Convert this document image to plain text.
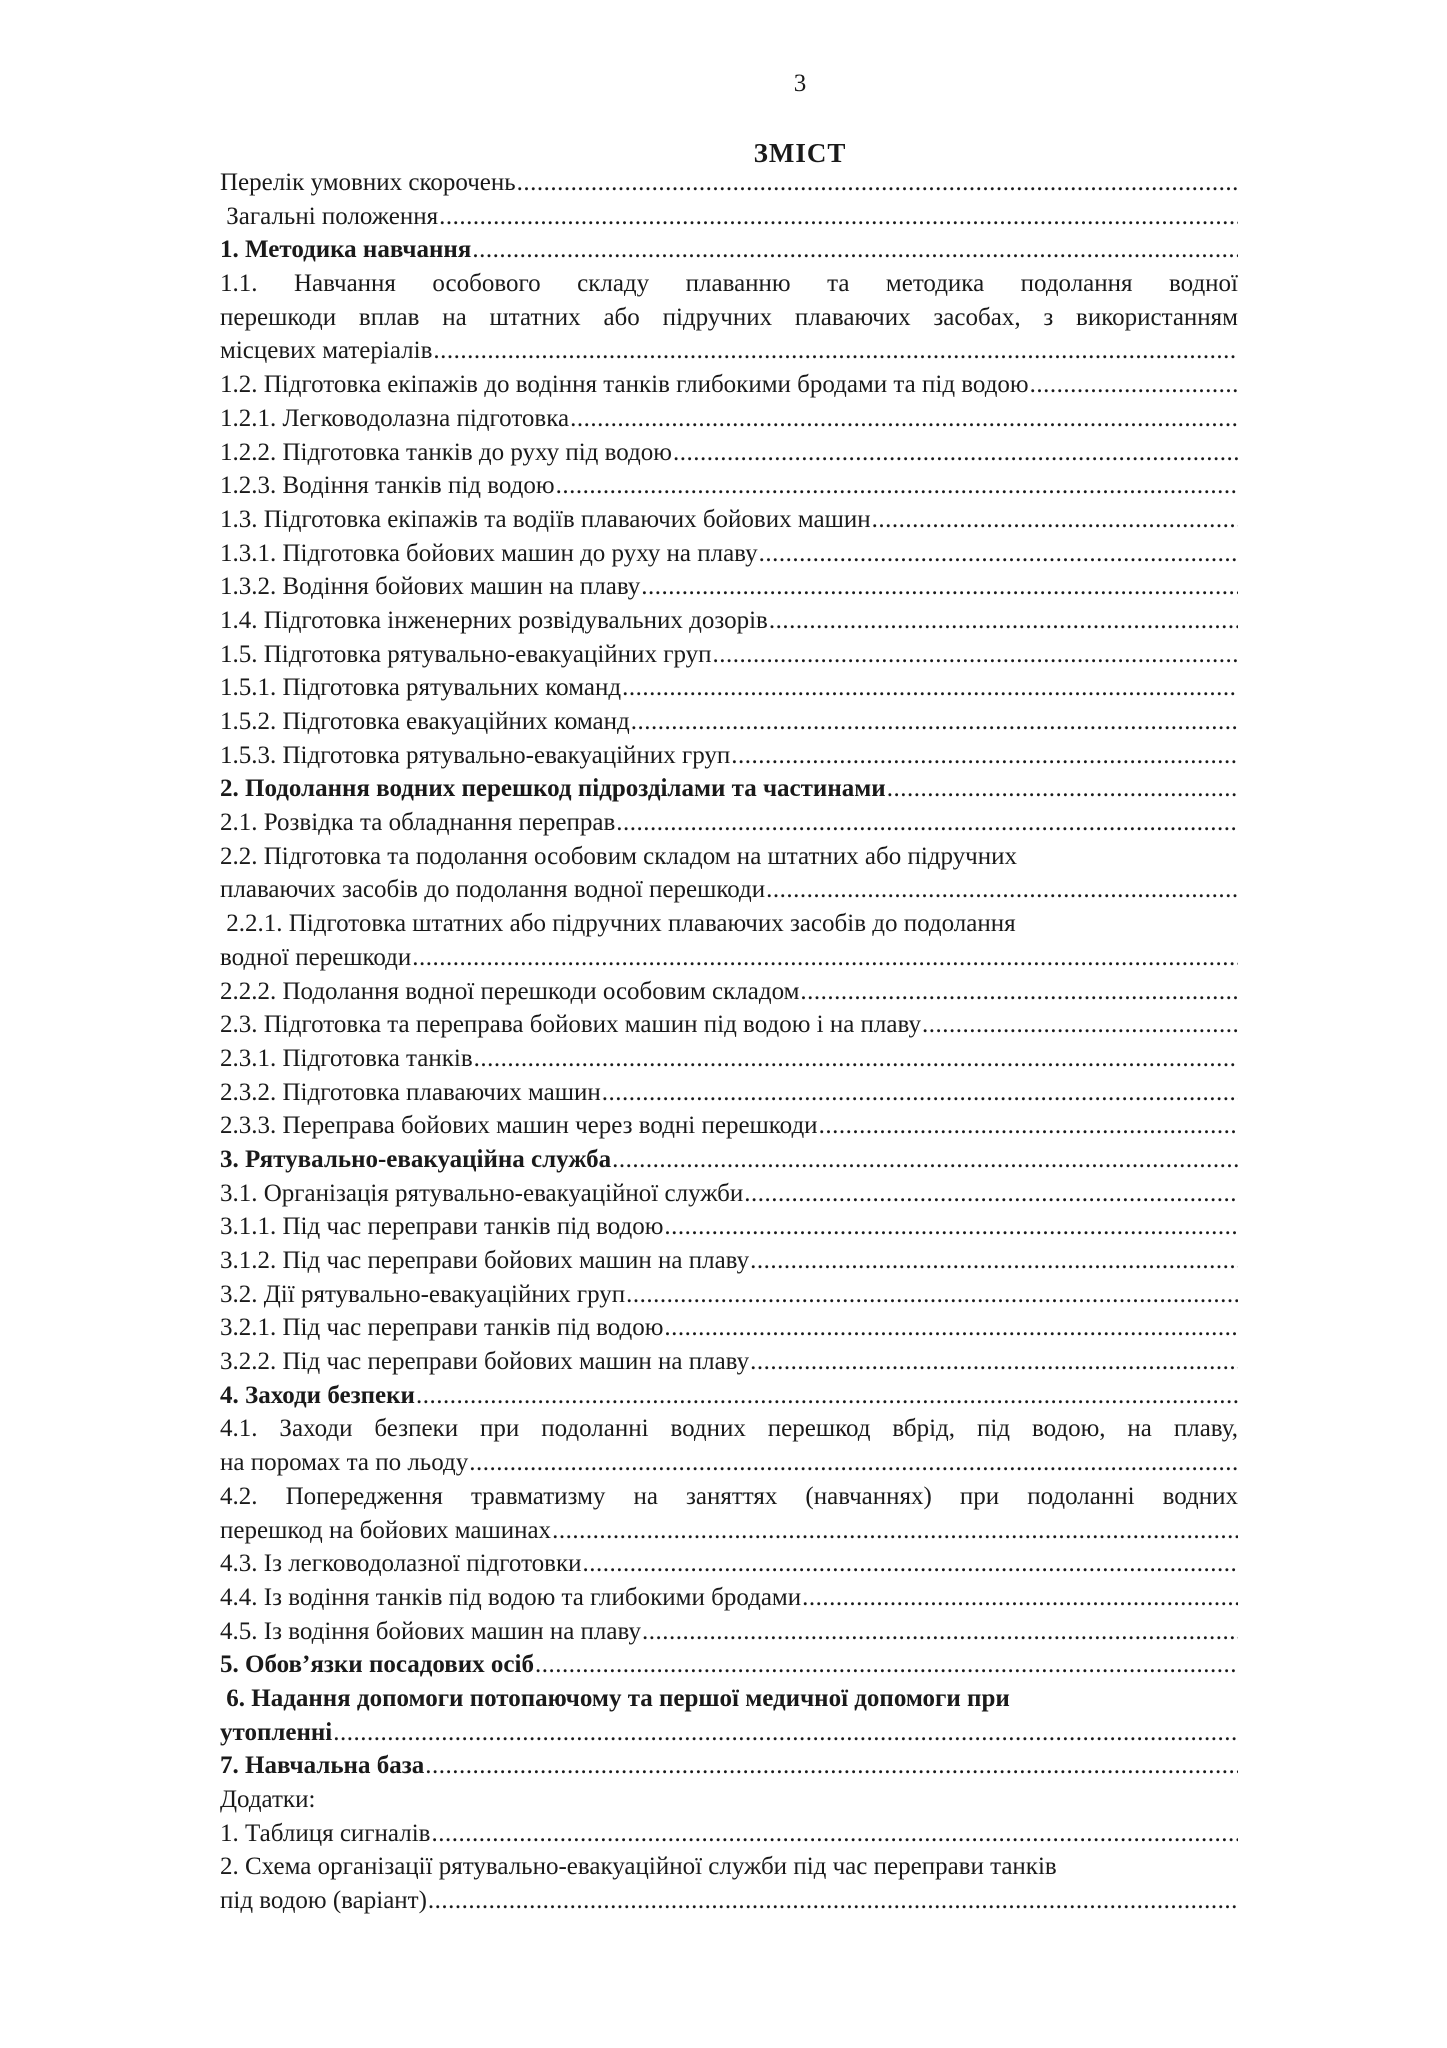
3
ЗМІСТ
Перелік умовних скорочень
.....
Загальні положення
.....
1. Методика навчання
.....
1.1. Навчання особового складу плаванню та методика подолання водної
перешкоди вплав на штатних або підручних плаваючих засобах, з використанням
місцевих матеріалів
.....
1.2. Підготовка екіпажів до водіння танків глибокими бродами та під водою
.....
1.2.1. Легководолазна підготовка
.....
1.2.2. Підготовка танків до руху під водою
.....
1.2.3. Водіння танків під водою
.....
1.3. Підготовка екіпажів та водіїв плаваючих бойових машин
.....
1.3.1. Підготовка бойових машин до руху на плаву
.....
1.3.2. Водіння бойових машин на плаву
.....
1.4. Підготовка інженерних розвідувальних дозорів
.....
1.5. Підготовка рятувально-евакуаційних груп
.....
1.5.1. Підготовка рятувальних команд
.....
1.5.2. Підготовка евакуаційних команд
.....
1.5.3. Підготовка рятувально-евакуаційних груп
.....
2. Подолання водних перешкод підрозділами та частинами
.....
2.1. Розвідка та обладнання переправ
.....
2.2. Підготовка та подолання особовим складом на штатних або підручних
плаваючих засобів до подолання водної перешкоди
.....
2.2.1. Підготовка штатних або підручних плаваючих засобів до подолання
водної перешкоди
.....
2.2.2. Подолання водної перешкоди особовим складом
.....
2.3. Підготовка та переправа бойових машин під водою і на плаву
.....
2.3.1. Підготовка танків
.....
2.3.2. Підготовка плаваючих машин
.....
2.3.3. Переправа бойових машин через водні перешкоди
.....
3. Рятувально-евакуаційна служба
.....
3.1. Організація рятувально-евакуаційної служби
.....
3.1.1. Під час переправи танків під водою
.....
3.1.2. Під час переправи бойових машин на плаву
.....
3.2. Дії рятувально-евакуаційних груп
.....
3.2.1. Під час переправи танків під водою
.....
3.2.2. Під час переправи бойових машин на плаву
.....
4. Заходи безпеки
.....
4.1. Заходи безпеки при подоланні водних перешкод вбрід, під водою, на плаву,
на поромах та по льоду
.....
4.2. Попередження травматизму на заняттях (навчаннях) при подоланні водних
перешкод на бойових машинах
.....
4.3. Із легководолазної підготовки
.....
4.4. Із водіння танків під водою та глибокими бродами
.....
4.5. Із водіння бойових машин на плаву
.....
5. Обов’язки посадових осіб
.....
6. Надання допомоги потопаючому та першої медичної допомоги при
утопленні
.....
7. Навчальна база
.....
Додатки:
1. Таблиця сигналів
.....
2. Схема організації рятувально-евакуаційної служби під час переправи танків
під водою (варіант)
.....
